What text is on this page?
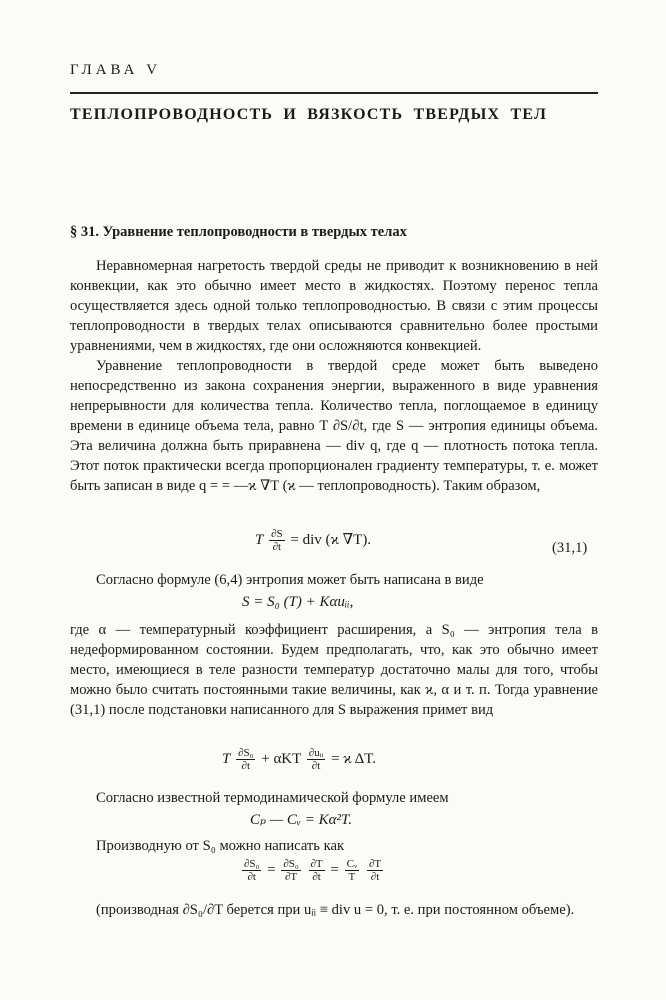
ГЛАВА V
ТЕПЛОПРОВОДНОСТЬ И ВЯЗКОСТЬ ТВЕРДЫХ ТЕЛ
§ 31. Уравнение теплопроводности в твердых телах

Неравномерная нагретость твердой среды не приводит к возникновению в ней конвекции, как это обычно имеет место в жидкостях. Поэтому перенос тепла осуществляется здесь одной только теплопроводностью. В связи с этим процессы теплопроводности в твердых телах описываются сравнительно более простыми уравнениями, чем в жидкостях, где они осложняются конвекцией.

Уравнение теплопроводности в твердой среде может быть выведено непосредственно из закона сохранения энергии, выраженного в виде уравнения непрерывности для количества тепла. Количество тепла, поглощаемое в единицу времени в единице объема тела, равно T ∂S/∂t, где S — энтропия единицы объема. Эта величина должна быть приравнена — div q, где q — плотность потока тепла. Этот поток практически всегда пропорционален градиенту температуры, т. е. может быть записан в виде q = = —ϰ ∇T (ϰ — теплопроводность). Таким образом,

T $\frac{\partial S}{\partial t}$ = div (ϰ ∇T).
(31,1)

Согласно формуле (6,4) энтропия может быть написана в виде

S = S₀ (T) + Kαuᵢᵢ,

где α — температурный коэффициент расширения, а S₀ — энтропия тела в недеформированном состоянии. Будем предполагать, что, как это обычно имеет место, имеющиеся в теле разности температур достаточно малы для того, чтобы можно было считать постоянными такие величины, как ϰ, α и т. п. Тогда уравнение (31,1) после подстановки написанного для S выражения примет вид

T $\frac{\text{∂S₀}}{\partial t} + \alpha KT \frac{\text{∂uᵢᵢ}}{\partial t} = ϰ$ ΔT.

Согласно известной термодинамической формуле имеем

Cₚ — Cᵥ = Kα²T.

Производную от S₀ можно написать как

$\frac{\text{∂S₀}}{\partial t} = \frac{\text{∂S₀}}{\partial T}$
$\frac{\partial T}{\partial t} = \frac{\text{Cᵥ}}{T}$
$\frac{\partial T}{\partial t}$

(производная ∂S₀/∂T берется при uᵢᵢ ≡ div u = 0, т. е. при постоянном объеме).
